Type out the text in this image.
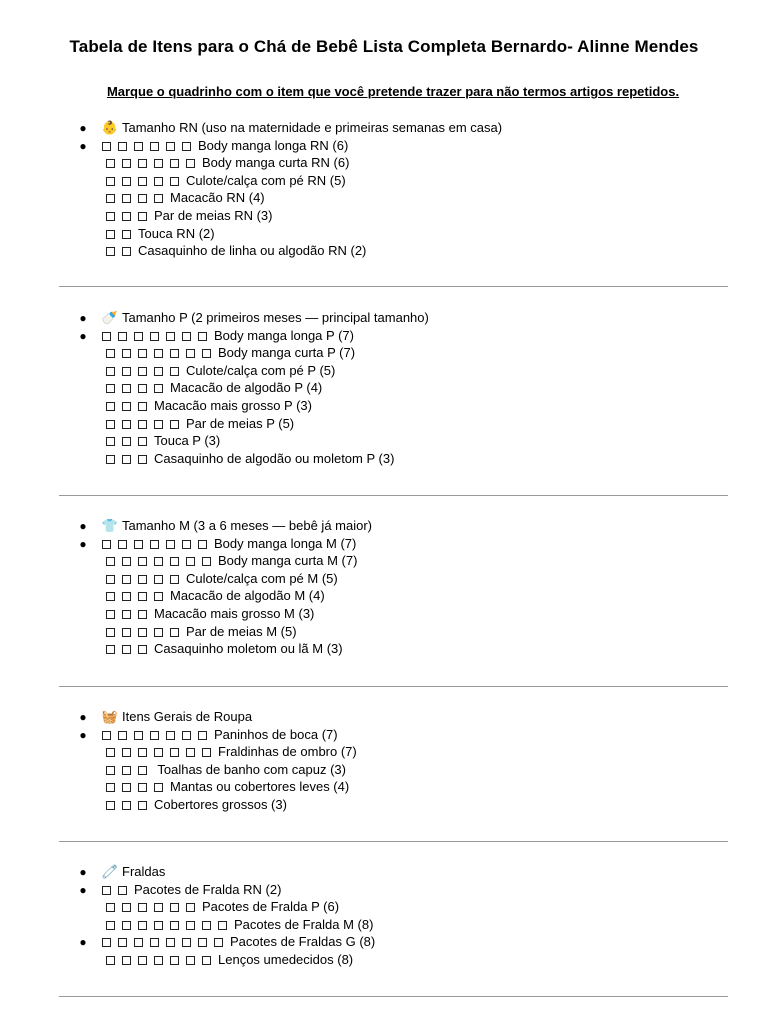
Tabela de Itens para o Chá de Bebê Lista Completa Bernardo- Alinne Mendes
Marque o quadrinho com o item que você pretende trazer para não termos artigos repetidos.
● 👶 Tamanho RN (uso na maternidade e primeiras semanas em casa)
●	Body manga longa RN (6)
Body manga curta RN (6)
Culote/calça com pé RN (5)
Macacão RN (4)
Par de meias RN (3)
Touca RN (2)
Casaquinho de linha ou algodão RN (2)
● 🍼 Tamanho P (2 primeiros meses — principal tamanho)
●	Body manga longa P (7)
Body manga curta P (7)
Culote/calça com pé P (5)
Macacão de algodão P (4)
Macacão mais grosso P (3)
Par de meias P (5)
Touca P (3)
Casaquinho de algodão ou moletom P (3)
● 👕 Tamanho M (3 a 6 meses — bebê já maior)
●	Body manga longa M (7)
Body manga curta M (7)
Culote/calça com pé M (5)
Macacão de algodão M (4)
Macacão mais grosso M (3)
Par de meias M (5)
Casaquinho moletom ou lã M (3)
● 🧺 Itens Gerais de Roupa
●	Paninhos de boca (7)
Fraldinhas de ombro (7)
Toalhas de banho com capuz (3)
Mantas ou cobertores leves (4)
Cobertores grossos (3)
● 🧷 Fraldas
●	Pacotes de Fralda RN (2)
Pacotes de Fralda P (6)
Pacotes de Fralda M (8)
●	Pacotes de Fraldas G (8)
Lenços umedecidos (8)
